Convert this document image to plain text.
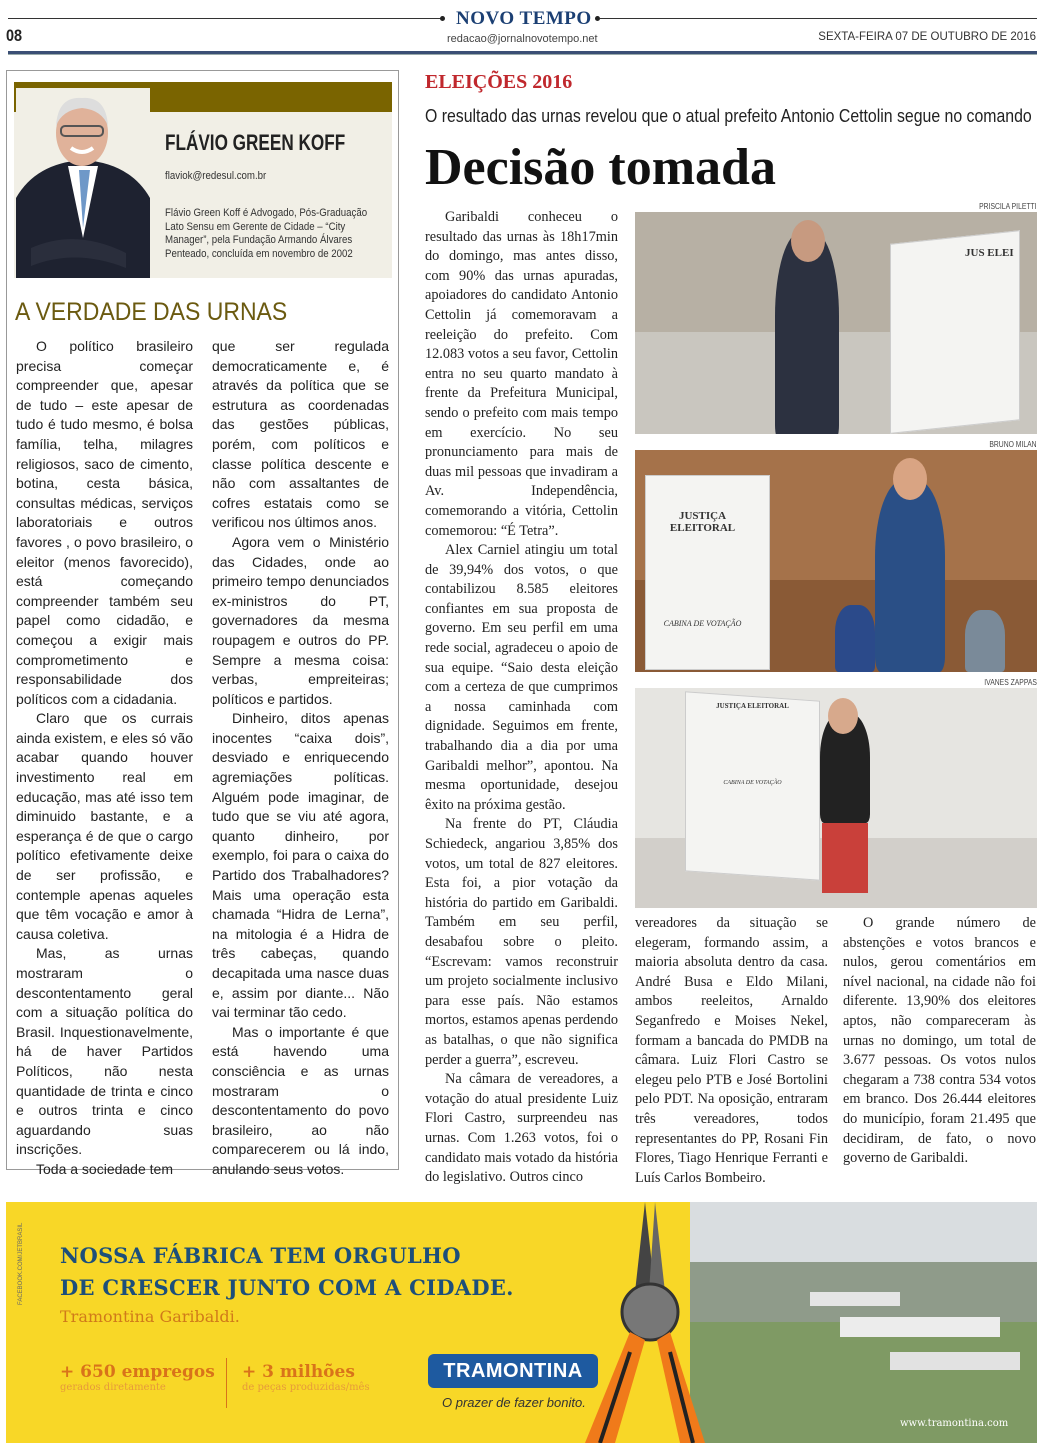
NOVO TEMPO
08	redacao@jornalnovotempo.net	SEXTA-FEIRA 07 DE OUTUBRO DE 2016
FLÁVIO GREEN KOFF
flaviok@redesul.com.br
Flávio Green Koff é Advogado, Pós-Graduação Lato Sensu em Gerente de Cidade – “City Manager”, pela Fundação Armando Álvares Penteado, concluída em novembro de 2002
A VERDADE DAS URNAS

O político brasileiro precisa começar compreender que, apesar de tudo – este apesar de tudo é tudo mesmo, é bolsa família, telha, milagres religiosos, saco de cimento, botina, cesta básica, consultas médicas, serviços laboratoriais e outros favores , o povo brasileiro, o eleitor (menos favorecido), está começando compreender também seu papel como cidadão, e começou a exigir mais comprometimento e responsabilidade dos políticos com a cidadania.

Claro que os currais ainda existem, e eles só vão acabar quando houver investimento real em educação, mas até isso tem diminuido bastante, e a esperança é de que o cargo político efetivamente deixe de ser profissão, e contemple apenas aqueles que têm vocação e amor à causa coletiva.

Mas, as urnas mostraram o descontentamento geral com a situação política do Brasil. Inquestionavelmente, há de haver Partidos Políticos, não nesta quantidade de trinta e cinco e outros trinta e cinco aguardando suas inscrições.

Toda a sociedade tem

que ser regulada democraticamente e, é através da política que se estrutura as coordenadas das gestões públicas, porém, com políticos e classe política descente e não com assaltantes de cofres estatais como se verificou nos últimos anos.

Agora vem o Ministério das Cidades, onde ao primeiro tempo denunciados ex-ministros do PT, governadores da mesma roupagem e outros do PP. Sempre a mesma coisa: verbas, empreiteiras; políticos e partidos.

Dinheiro, ditos apenas inocentes “caixa dois”, desviado e enriquecendo agremiações políticas. Alguém pode imaginar, de tudo que se viu até agora, quanto dinheiro, por exemplo, foi para o caixa do Partido dos Trabalhadores? Mais uma operação esta chamada “Hidra de Lerna”, na mitologia é a Hidra de três cabeças, quando decapitada uma nasce duas e, assim por diante... Não vai terminar tão cedo.

Mas o importante é que está havendo uma consciência e as urnas mostraram o descontentamento do povo brasileiro, ao não comparecerem ou lá indo, anulando seus votos.

ELEIÇÕES 2016
O resultado das urnas revelou que o atual prefeito Antonio Cettolin segue no comando
Decisão tomada

Garibaldi conheceu o resultado das urnas às 18h17min do domingo, mas antes disso, com 90% das urnas apuradas, apoiadores do candidato Antonio Cettolin já comemoravam a reeleição do prefeito. Com 12.083 votos a seu favor, Cettolin entra no seu quarto mandato à frente da Prefeitura Municipal, sendo o prefeito com mais tempo em exercício. No seu pronunciamento para mais de duas mil pessoas que invadiram a Av. Independência, comemorando a vitória, Cettolin comemorou: “É Tetra”.

Alex Carniel atingiu um total de 39,94% dos votos, o que contabilizou 8.585 eleitores confiantes em sua proposta de governo. Em seu perfil em uma rede social, agradeceu o apoio de sua equipe. “Saio desta eleição com a certeza de que cumprimos a nossa caminhada com dignidade. Seguimos em frente, trabalhando dia a dia por uma Garibaldi melhor”, apontou. Na mesma oportunidade, desejou êxito na próxima gestão.

Na frente do PT, Cláudia Schiedeck, angariou 3,85% dos votos, um total de 827 eleitores. Esta foi, a pior votação da história do partido em Garibaldi. Também em seu perfil, desabafou sobre o pleito. “Escrevam: vamos reconstruir um projeto socialmente inclusivo para esse país. Não estamos mortos, estamos apenas perdendo as batalhas, o que não significa perder a guerra”, escreveu.

Na câmara de vereadores, a votação do atual presidente Luiz Flori Castro, surpreendeu nas urnas. Com 1.263 votos, foi o candidato mais votado da história do legislativo. Outros cinco

vereadores da situação se elegeram, formando assim, a maioria absoluta dentro da casa. André Busa e Eldo Milani, ambos reeleitos, Arnaldo Seganfredo e Moises Nekel, formam a bancada do PMDB na câmara. Luiz Flori Castro se elegeu pelo PTB e José Bortolini pelo PDT. Na oposição, entraram três vereadores, todos representantes do PP, Rosani Fin Flores, Tiago Henrique Ferranti e Luís Carlos Bombeiro.

O grande número de abstenções e votos brancos e nulos, gerou comentários em nível nacional, na cidade não foi diferente. 13,90% dos eleitores aptos, não compareceram às urnas no domingo, um total de 3.677 pessoas. Os votos nulos chegaram a 738 contra 534 votos em branco. Dos 26.444 eleitores do município, foram 21.495 que decidiram, de fato, o novo governo de Garibaldi.

PRISCILA PILETTI
JUS ELEI
BRUNO MILAN
JUSTIÇA ELEITORAL
CABINA DE VOTAÇÃO
IVANES ZAPPAS
JUSTIÇA ELEITORAL
CABINA DE VOTAÇÃO
FACEBOOK.COM/JETBRASIL NOSSA FÁBRICA TEM ORGULHO
DE CRESCER JUNTO COM A CIDADE.
Tramontina Garibaldi.
+ 650 empregos
gerados diretamente
+ 3 milhões
de peças produzidas/mês
TRAMONTINA
O prazer de fazer bonito.
www.tramontina.com
